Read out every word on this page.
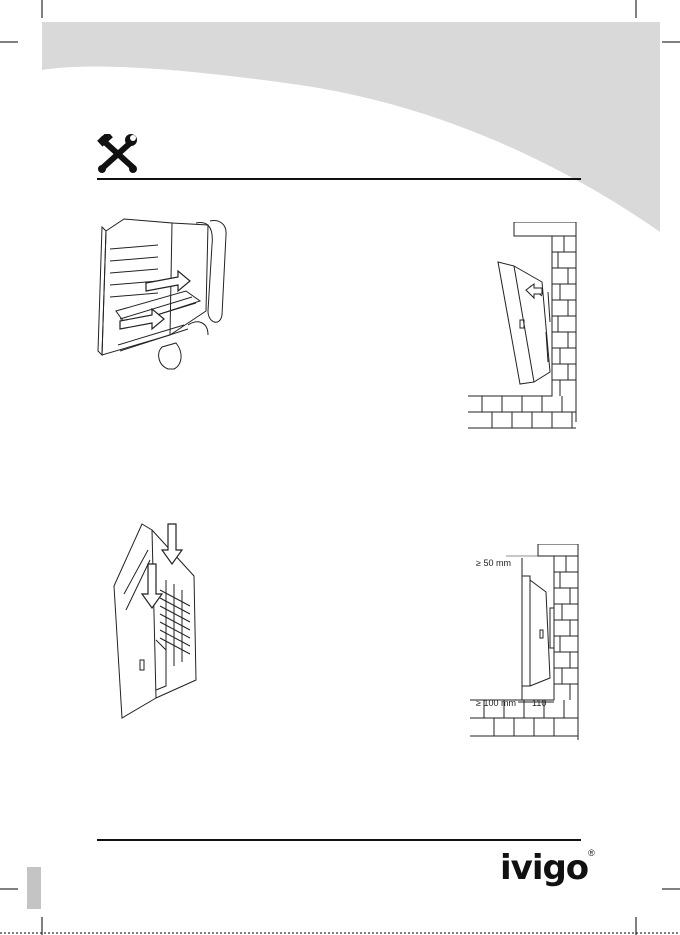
≥ 50 mm
≥ 100 mm 110
ivigo®
